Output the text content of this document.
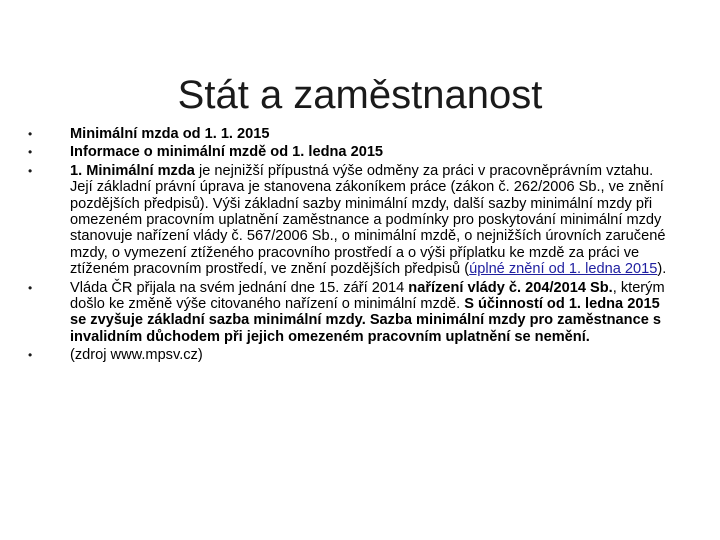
Stát a zaměstnanost
•	Minimální mzda od 1. 1. 2015
•	Informace o minimální mzdě od 1. ledna 2015
•	1. Minimální mzda je nejnižší přípustná výše odměny za práci v pracovněprávním vztahu. Její základní právní úprava je stanovena zákoníkem práce (zákon č. 262/2006 Sb., ve znění pozdějších předpisů). Výši základní sazby minimální mzdy, další sazby minimální mzdy při omezeném pracovním uplatnění zaměstnance a podmínky pro poskytování minimální mzdy stanovuje nařízení vlády č. 567/2006 Sb., o minimální mzdě, o nejnižších úrovních zaručené mzdy, o vymezení ztíženého pracovního prostředí a o výši příplatku ke mzdě za práci ve ztíženém pracovním prostředí, ve znění pozdějších předpisů (úplné znění od 1. ledna 2015).
•	Vláda ČR přijala na svém jednání dne 15. září 2014 nařízení vlády č. 204/2014 Sb., kterým došlo ke změně výše citovaného nařízení o minimální mzdě. S účinností od 1. ledna 2015 se zvyšuje základní sazba minimální mzdy. Sazba minimální mzdy pro zaměstnance s invalidním důchodem při jejich omezeném pracovním uplatnění se nemění.
•	(zdroj www.mpsv.cz)
